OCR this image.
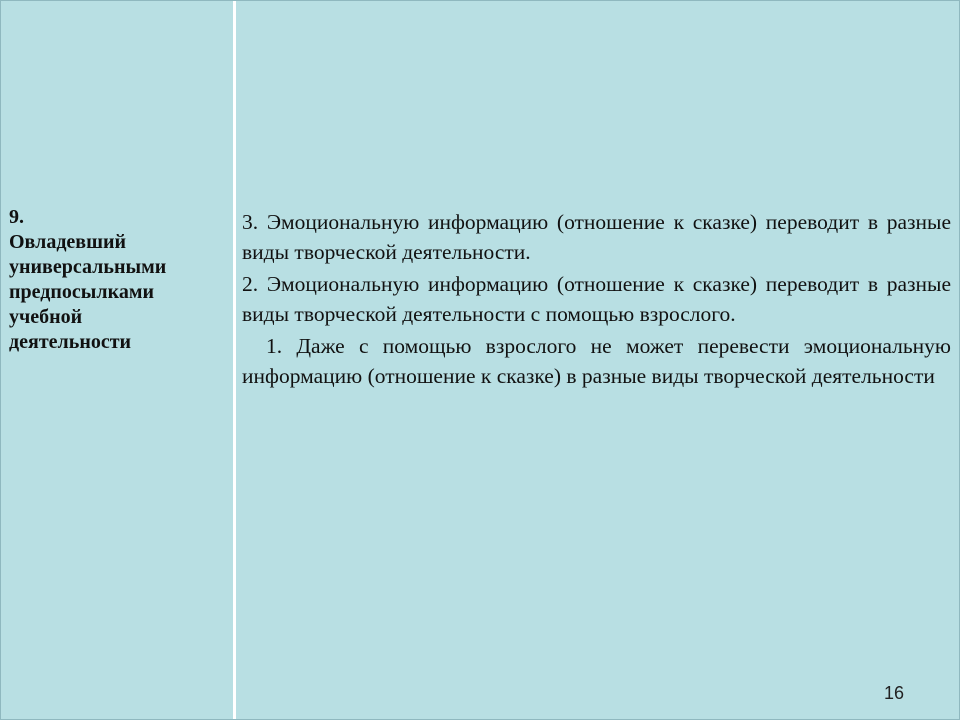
9.
Овладевший
универсальными
предпосылками
учебной
деятельности

3. Эмоциональную информацию (отношение к сказке) переводит в разные виды творческой деятельности.

2. Эмоциональную информацию (отношение к сказке) переводит в разные виды творческой деятельности с помощью взрослого.

1. Даже с помощью взрослого не может перевести эмоциональную информацию (отношение к сказке) в разные виды творческой деятельности

16
